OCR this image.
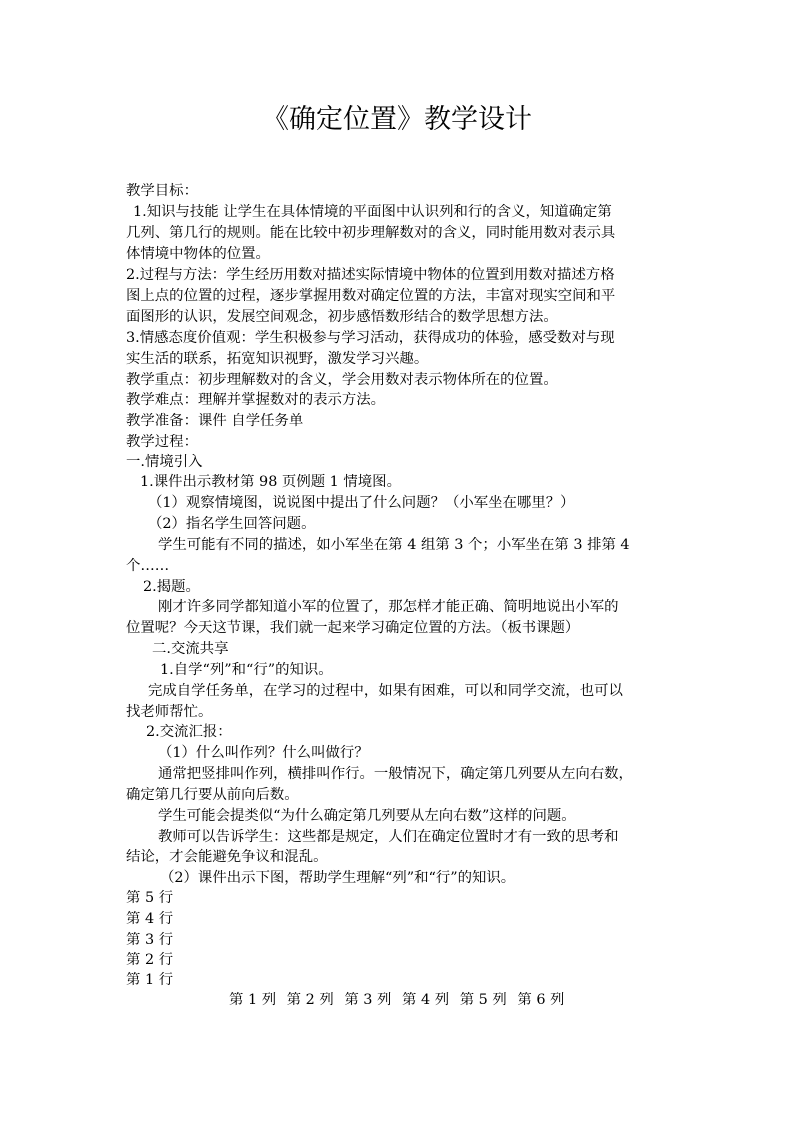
《确定位置》教学设计
教学目标：
1.知识与技能 让学生在具体情境的平面图中认识列和行的含义，知道确定第
几列、第几行的规则。能在比较中初步理解数对的含义，同时能用数对表示具
体情境中物体的位置。
2.过程与方法：学生经历用数对描述实际情境中物体的位置到用数对描述方格
图上点的位置的过程，逐步掌握用数对确定位置的方法，丰富对现实空间和平
面图形的认识，发展空间观念，初步感悟数形结合的数学思想方法。
3.情感态度价值观：学生积极参与学习活动，获得成功的体验，感受数对与现
实生活的联系，拓宽知识视野，激发学习兴趣。
教学重点：初步理解数对的含义，学会用数对表示物体所在的位置。
教学难点：理解并掌握数对的表示方法。
教学准备：课件 自学任务单
教学过程：
一.情境引入
1.课件出示教材第 98 页例题 1 情境图。
（1）观察情境图，说说图中提出了什么问题？（小军坐在哪里？）
（2）指名学生回答问题。
学生可能有不同的描述，如小军坐在第 4 组第 3 个；小军坐在第 3 排第 4
个……
2.揭题。
刚才许多同学都知道小军的位置了，那怎样才能正确、简明地说出小军的
位置呢？今天这节课，我们就一起来学习确定位置的方法。（板书课题）
二.交流共享
1.自学“列”和“行”的知识。
完成自学任务单，在学习的过程中，如果有困难，可以和同学交流，也可以
找老师帮忙。
2.交流汇报：
（1）什么叫作列？什么叫做行？
通常把竖排叫作列，横排叫作行。一般情况下，确定第几列要从左向右数，
确定第几行要从前向后数。
学生可能会提类似“为什么确定第几列要从左向右数”这样的问题。
教师可以告诉学生：这些都是规定，人们在确定位置时才有一致的思考和
结论，才会能避免争议和混乱。
（2）课件出示下图，帮助学生理解“列”和“行”的知识。
第 5 行
第 4 行
第 3 行
第 2 行
第 1 行
第 1 列 第 2 列 第 3 列 第 4 列 第 5 列 第 6 列
